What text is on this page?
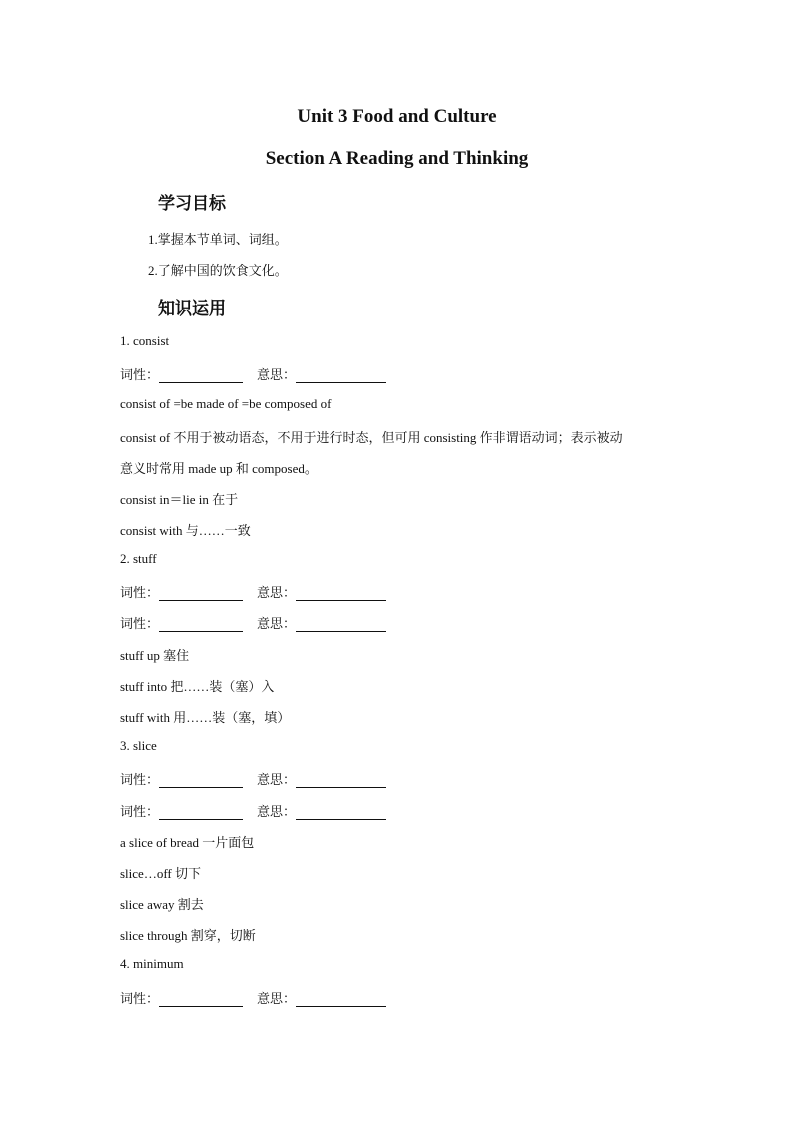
Unit 3 Food and Culture
Section A Reading and Thinking
学习目标
1.掌握本节单词、词组。
2.了解中国的饮食文化。
知识运用
1. consist
词性：	意思：
consist of =be made of =be composed of
consist of 不用于被动语态，不用于进行时态，但可用 consisting 作非谓语动词；表示被动
意义时常用 made up 和 composed。
consist in＝lie in 在于
consist with 与……一致
2. stuff
词性：	意思：
词性：	意思：
stuff up 塞住
stuff into 把……装（塞）入
stuff with 用……装（塞，填）
3. slice
词性：	意思：
词性：	意思：
a slice of bread 一片面包
slice…off 切下
slice away 割去
slice through 割穿，切断
4. minimum
词性：	意思：
